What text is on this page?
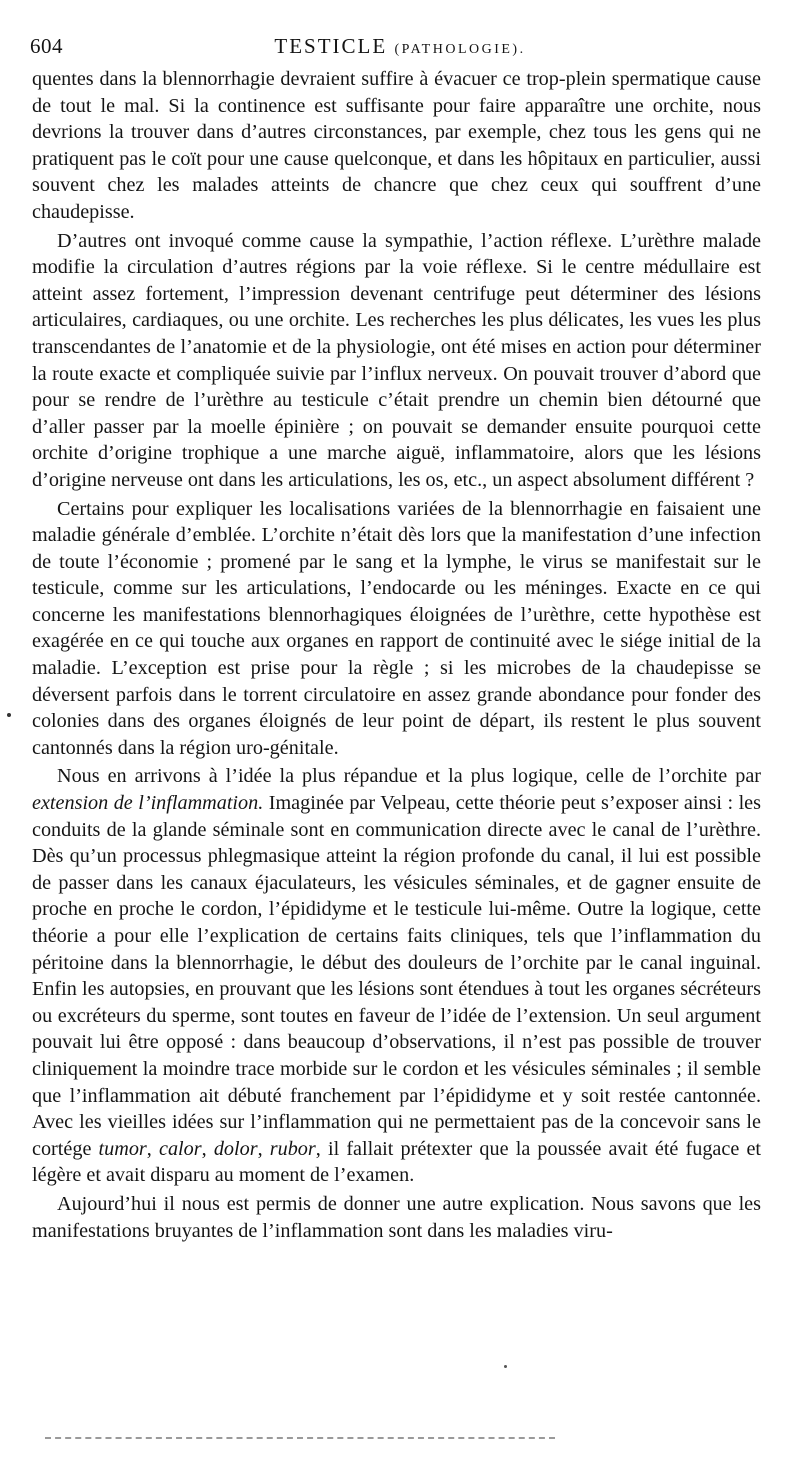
604	TESTICLE (PATHOLOGIE).

quentes dans la blennorrhagie devraient suffire à évacuer ce trop-plein spermatique cause de tout le mal. Si la continence est suffisante pour faire apparaître une orchite, nous devrions la trouver dans d’autres circonstances, par exemple, chez tous les gens qui ne pratiquent pas le coït pour une cause quelconque, et dans les hôpitaux en particulier, aussi souvent chez les malades atteints de chancre que chez ceux qui souffrent d’une chaudepisse.

D’autres ont invoqué comme cause la sympathie, l’action réflexe. L’urèthre malade modifie la circulation d’autres régions par la voie réflexe. Si le centre médullaire est atteint assez fortement, l’impression devenant centrifuge peut déterminer des lésions articulaires, cardiaques, ou une orchite. Les recherches les plus délicates, les vues les plus transcendantes de l’anatomie et de la physiologie, ont été mises en action pour déterminer la route exacte et compliquée suivie par l’influx nerveux. On pouvait trouver d’abord que pour se rendre de l’urèthre au testicule c’était prendre un chemin bien détourné que d’aller passer par la moelle épinière ; on pouvait se demander ensuite pourquoi cette orchite d’origine trophique a une marche aiguë, inflammatoire, alors que les lésions d’origine nerveuse ont dans les articulations, les os, etc., un aspect absolument différent ?

Certains pour expliquer les localisations variées de la blennorrhagie en faisaient une maladie générale d’emblée. L’orchite n’était dès lors que la manifestation d’une infection de toute l’économie ; promené par le sang et la lymphe, le virus se manifestait sur le testicule, comme sur les articulations, l’endocarde ou les méninges. Exacte en ce qui concerne les manifestations blennorhagiques éloignées de l’urèthre, cette hypothèse est exagérée en ce qui touche aux organes en rapport de continuité avec le siége initial de la maladie. L’exception est prise pour la règle ; si les microbes de la chaudepisse se déversent parfois dans le torrent circulatoire en assez grande abondance pour fonder des colonies dans des organes éloignés de leur point de départ, ils restent le plus souvent cantonnés dans la région uro-génitale.

Nous en arrivons à l’idée la plus répandue et la plus logique, celle de l’orchite par extension de l’inflammation. Imaginée par Velpeau, cette théorie peut s’exposer ainsi : les conduits de la glande séminale sont en communication directe avec le canal de l’urèthre. Dès qu’un processus phlegmasique atteint la région profonde du canal, il lui est possible de passer dans les canaux éjaculateurs, les vésicules séminales, et de gagner ensuite de proche en proche le cordon, l’épididyme et le testicule lui-même. Outre la logique, cette théorie a pour elle l’explication de certains faits cliniques, tels que l’inflammation du péritoine dans la blennorrhagie, le début des douleurs de l’orchite par le canal inguinal. Enfin les autopsies, en prouvant que les lésions sont étendues à tout les organes sécréteurs ou excréteurs du sperme, sont toutes en faveur de l’idée de l’extension. Un seul argument pouvait lui être opposé : dans beaucoup d’observations, il n’est pas possible de trouver cliniquement la moindre trace morbide sur le cordon et les vésicules séminales ; il semble que l’inflammation ait débuté franchement par l’épididyme et y soit restée cantonnée. Avec les vieilles idées sur l’inflammation qui ne permettaient pas de la concevoir sans le cortége tumor, calor, dolor, rubor, il fallait prétexter que la poussée avait été fugace et légère et avait disparu au moment de l’examen.

Aujourd’hui il nous est permis de donner une autre explication. Nous savons que les manifestations bruyantes de l’inflammation sont dans les maladies viru-
